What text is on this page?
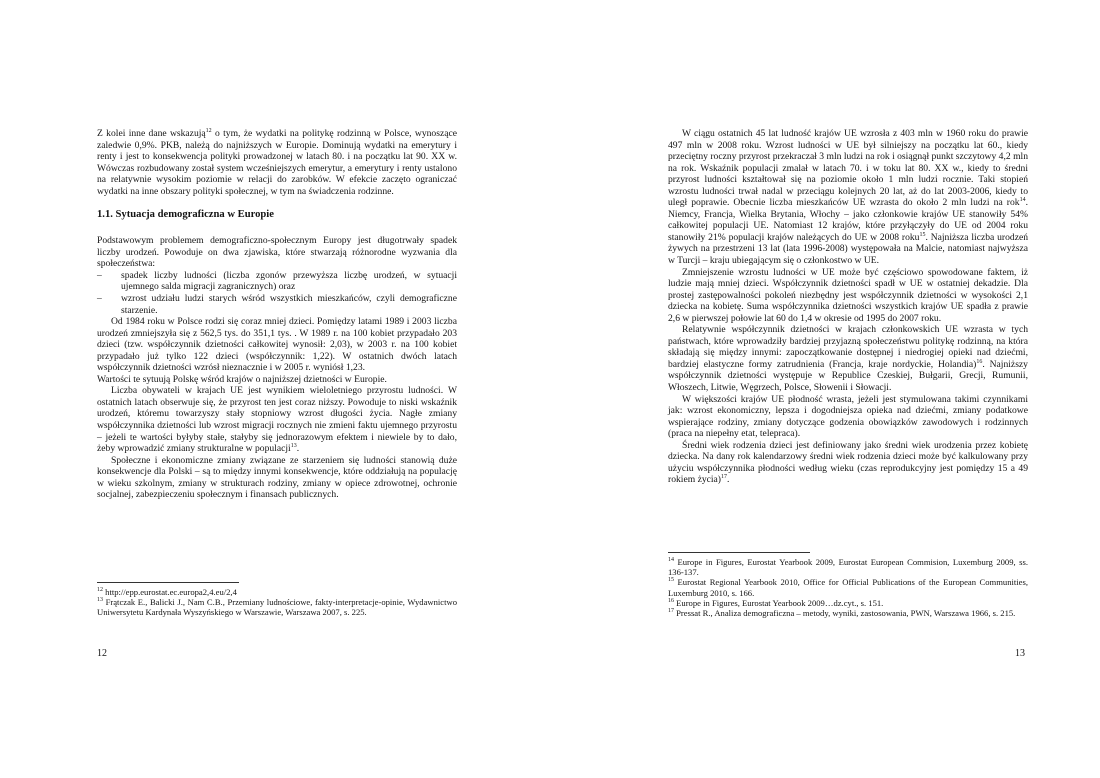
Z kolei inne dane wskazują$^{12}$ o tym, że wydatki na politykę rodzinną w Polsce, wynoszące zaledwie 0,9%. PKB, należą do najniższych w Europie. Dominują wydatki na emerytury i renty i jest to konsekwencja polityki prowadzonej w latach 80. i na początku lat 90. XX w. Wówczas rozbudowany został system wcześniejszych emerytur, a emerytury i renty ustalono na relatywnie wysokim poziomie w relacji do zarobków. W efekcie zaczęto ograniczać wydatki na inne obszary polityki społecznej, w tym na świadczenia rodzinne.

1.1. Sytuacja demograficzna w Europie

Podstawowym problemem demograficzno-społecznym Europy jest długotrwały spadek liczby urodzeń. Powoduje on dwa zjawiska, które stwarzają różnorodne wyzwania dla społeczeństwa:

– spadek liczby ludności (liczba zgonów przewyższa liczbę urodzeń, w sytuacji ujemnego salda migracji zagranicznych) oraz
– wzrost udziału ludzi starych wśród wszystkich mieszkańców, czyli demograficzne starzenie.

Od 1984 roku w Polsce rodzi się coraz mniej dzieci. Pomiędzy latami 1989 i 2003 liczba urodzeń zmniejszyła się z 562,5 tys. do 351,1 tys. . W 1989 r. na 100 kobiet przypadało 203 dzieci (tzw. współczynnik dzietności całkowitej wynosił: 2,03), w 2003 r. na 100 kobiet przypadało już tylko 122 dzieci (współczynnik: 1,22). W ostatnich dwóch latach współczynnik dzietności wzrósł nieznacznie i w 2005 r. wyniósł 1,23.

Wartości te sytuują Polskę wśród krajów o najniższej dzietności w Europie.

Liczba obywateli w krajach UE jest wynikiem wieloletniego przyrostu ludności. W ostatnich latach obserwuje się, że przyrost ten jest coraz niższy. Powoduje to niski wskaźnik urodzeń, któremu towarzyszy stały stopniowy wzrost długości życia. Nagłe zmiany współczynnika dzietności lub wzrost migracji rocznych nie zmieni faktu ujemnego przyrostu – jeżeli te wartości byłyby stałe, stałyby się jednorazowym efektem i niewiele by to dało, żeby wprowadzić zmiany strukturalne w populacji$^{13}$.

Społeczne i ekonomiczne zmiany związane ze starzeniem się ludności stanowią duże konsekwencje dla Polski – są to między innymi konsekwencje, które oddziałują na populację w wieku szkolnym, zmiany w strukturach rodziny, zmiany w opiece zdrowotnej, ochronie socjalnej, zabezpieczeniu społecznym i finansach publicznych.

$^{12}$ http://epp.eurostat.ec.europa2,4.eu/2,4

$^{13}$ Frątczak E., Balicki J., Nam C.B., Przemiany ludnościowe, fakty-interpretacje-opinie, Wydawnictwo Uniwersytetu Kardynała Wyszyńskiego w Warszawie, Warszawa 2007, s. 225.

12

W ciągu ostatnich 45 lat ludność krajów UE wzrosła z 403 mln w 1960 roku do prawie 497 mln w 2008 roku. Wzrost ludności w UE był silniejszy na początku lat 60., kiedy przeciętny roczny przyrost przekraczał 3 mln ludzi na rok i osiągnął punkt szczytowy 4,2 mln na rok. Wskaźnik populacji zmalał w latach 70. i w toku lat 80. XX w., kiedy to średni przyrost ludności kształtował się na poziomie około 1 mln ludzi rocznie. Taki stopień wzrostu ludności trwał nadal w przeciągu kolejnych 20 lat, aż do lat 2003-2006, kiedy to uległ poprawie. Obecnie liczba mieszkańców UE wzrasta do około 2 mln ludzi na rok$^{14}$. Niemcy, Francja, Wielka Brytania, Włochy – jako członkowie krajów UE stanowiły 54% całkowitej populacji UE. Natomiast 12 krajów, które przyłączyły do UE od 2004 roku stanowiły 21% populacji krajów należących do UE w 2008 roku$^{15}$. Najniższa liczba urodzeń żywych na przestrzeni 13 lat (lata 1996-2008) występowała na Malcie, natomiast najwyższa w Turcji – kraju ubiegającym się o członkostwo w UE.

Zmniejszenie wzrostu ludności w UE może być częściowo spowodowane faktem, iż ludzie mają mniej dzieci. Współczynnik dzietności spadł w UE w ostatniej dekadzie. Dla prostej zastępowalności pokoleń niezbędny jest współczynnik dzietności w wysokości 2,1 dziecka na kobietę. Suma współczynnika dzietności wszystkich krajów UE spadła z prawie 2,6 w pierwszej połowie lat 60 do 1,4 w okresie od 1995 do 2007 roku.

Relatywnie współczynnik dzietności w krajach członkowskich UE wzrasta w tych państwach, które wprowadziły bardziej przyjazną społeczeństwu politykę rodzinną, na która składają się między innymi: zapoczątkowanie dostępnej i niedrogiej opieki nad dziećmi, bardziej elastyczne formy zatrudnienia (Francja, kraje nordyckie, Holandia)$^{16}$. Najniższy współczynnik dzietności występuje w Republice Czeskiej, Bułgarii, Grecji, Rumunii, Włoszech, Litwie, Węgrzech, Polsce, Słowenii i Słowacji.

W większości krajów UE płodność wrasta, jeżeli jest stymulowana takimi czynnikami jak: wzrost ekonomiczny, lepsza i dogodniejsza opieka nad dziećmi, zmiany podatkowe wspierające rodziny, zmiany dotyczące godzenia obowiązków zawodowych i rodzinnych (praca na niepełny etat, telepraca).

Średni wiek rodzenia dzieci jest definiowany jako średni wiek urodzenia przez kobietę dziecka. Na dany rok kalendarzowy średni wiek rodzenia dzieci może być kalkulowany przy użyciu współczynnika płodności według wieku (czas reprodukcyjny jest pomiędzy 15 a 49 rokiem życia)$^{17}$.

$^{14}$ Europe in Figures, Eurostat Yearbook 2009, Eurostat European Commision, Luxemburg 2009, ss. 136-137.

$^{15}$ Eurostat Regional Yearbook 2010, Office for Official Publications of the European Communities, Luxemburg 2010, s. 166.

$^{16}$ Europe in Figures, Eurostat Yearbook 2009…dz.cyt., s. 151.

$^{17}$ Pressat R., Analiza demograficzna – metody, wyniki, zastosowania, PWN, Warszawa 1966, s. 215.

13
